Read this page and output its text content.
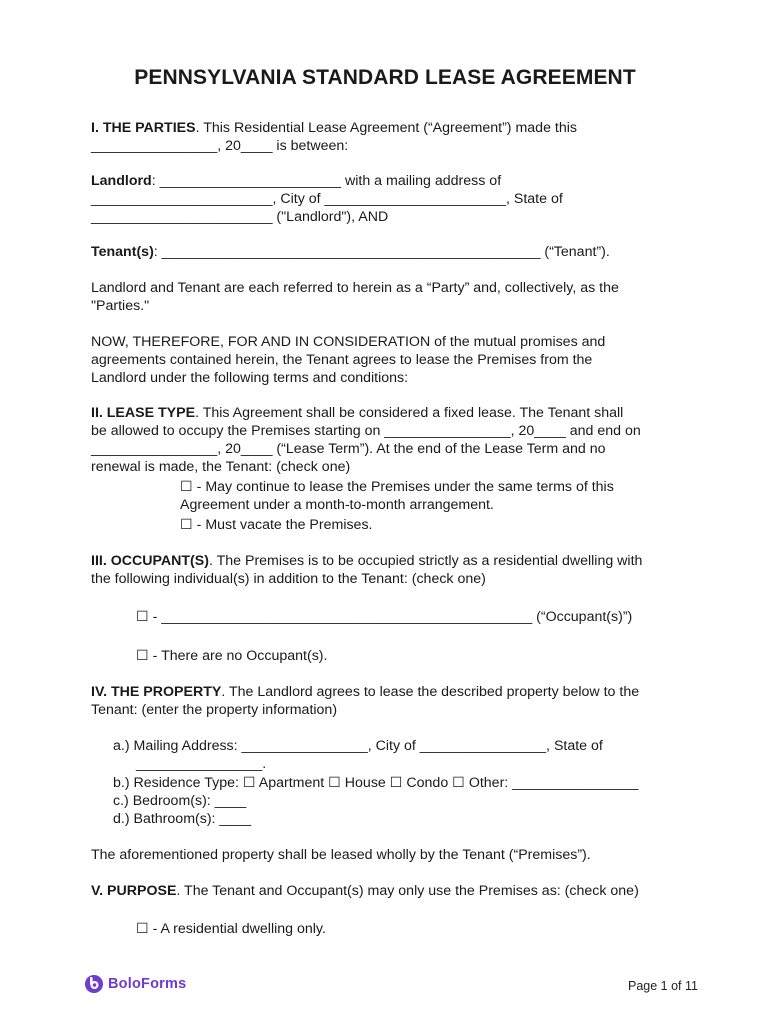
PENNSYLVANIA STANDARD LEASE AGREEMENT
I. THE PARTIES. This Residential Lease Agreement (“Agreement”) made this
________________, 20____ is between:
Landlord: _______________________ with a mailing address of
_______________________, City of _______________________, State of
_______________________ ("Landlord"), AND
Tenant(s): ________________________________________________ (“Tenant”).
Landlord and Tenant are each referred to herein as a “Party” and, collectively, as the
"Parties."
NOW, THEREFORE, FOR AND IN CONSIDERATION of the mutual promises and
agreements contained herein, the Tenant agrees to lease the Premises from the
Landlord under the following terms and conditions:
II. LEASE TYPE. This Agreement shall be considered a fixed lease. The Tenant shall
be allowed to occupy the Premises starting on ________________, 20____ and end on
________________, 20____ (“Lease Term”). At the end of the Lease Term and no
renewal is made, the Tenant: (check one)
☐ - May continue to lease the Premises under the same terms of this
Agreement under a month-to-month arrangement.
☐ - Must vacate the Premises.
III. OCCUPANT(S). The Premises is to be occupied strictly as a residential dwelling with
the following individual(s) in addition to the Tenant: (check one)
☐ - _______________________________________________ (“Occupant(s)”)
☐ - There are no Occupant(s).
IV. THE PROPERTY. The Landlord agrees to lease the described property below to the
Tenant: (enter the property information)
a.) Mailing Address: ________________, City of ________________, State of
________________.
b.) Residence Type: ☐ Apartment ☐ House ☐ Condo ☐ Other: ________________
c.) Bedroom(s): ____
d.) Bathroom(s): ____
The aforementioned property shall be leased wholly by the Tenant (“Premises”).
V. PURPOSE. The Tenant and Occupant(s) may only use the Premises as: (check one)
☐ - A residential dwelling only.
BoloForms	Page 1 of 11
